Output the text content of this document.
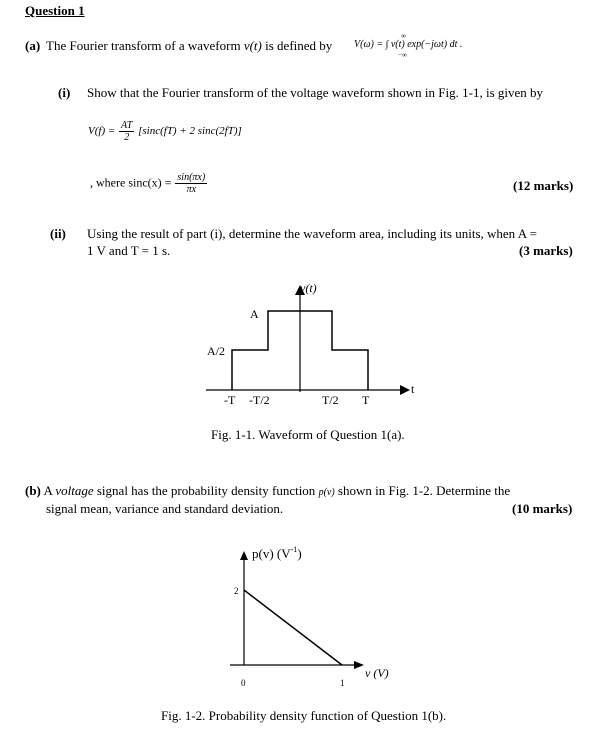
Question 1
(a) The Fourier transform of a waveform v(t) is defined by V(ω) = ∫ v(t) exp(−jωt) dt .
∞
−∞
(i) Show that the Fourier transform of the voltage waveform shown in Fig. 1-1, is given by
$V(f) = \frac{AT}{2} [\sin c(fT) + 2$ sinc(2fT)]
, where $\sin c(x) = \frac{\sin(\pi x)}{\pi x}$	(12 marks)
(ii) Using the result of part (i), determine the waveform area, including its units, when A =
1 V and T = 1 s.	(3 marks)
v(t)
A
A/2
-T -T/2	T/2 T
t
Fig. 1-1. Waveform of Question 1(a).
(b) A voltage signal has the probability density function p(v) shown in Fig. 1-2. Determine the
signal mean, variance and standard deviation.	(10 marks)
p(v) $(V^{-1})$
2
0	1
v (V)
Fig. 1-2. Probability density function of Question 1(b).
